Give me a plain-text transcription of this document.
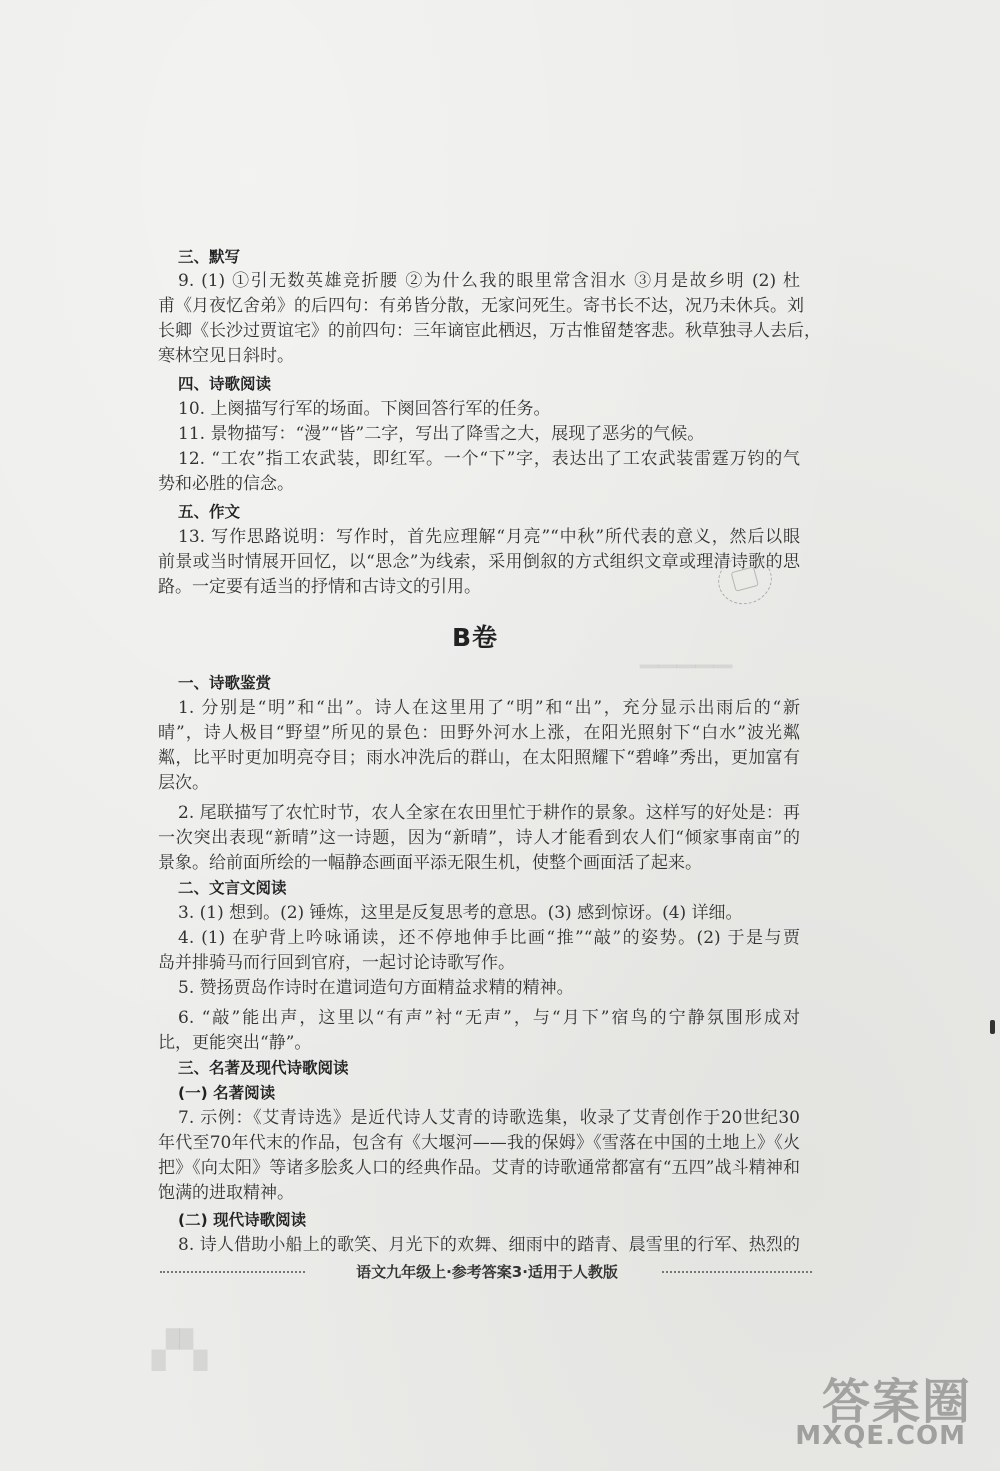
▔▔▔▔▔
三、默写
9. (1) ①引无数英雄竞折腰 ②为什么我的眼里常含泪水 ③月是故乡明 (2) 杜
甫《月夜忆舍弟》的后四句：有弟皆分散，无家问死生。寄书长不达，况乃未休兵。刘
长卿《长沙过贾谊宅》的前四句：三年谪宦此栖迟，万古惟留楚客悲。秋草独寻人去后，
寒林空见日斜时。
四、诗歌阅读
10. 上阕描写行军的场面。下阕回答行军的任务。
11. 景物描写：“漫”“皆”二字，写出了降雪之大，展现了恶劣的气候。
12. “工农”指工农武装，即红军。一个“下”字，表达出了工农武装雷霆万钧的气
势和必胜的信念。
五、作文
13. 写作思路说明：写作时，首先应理解“月亮”“中秋”所代表的意义，然后以眼
前景或当时情展开回忆，以“思念”为线索，采用倒叙的方式组织文章或理清诗歌的思
路。一定要有适当的抒情和古诗文的引用。
B卷
一、诗歌鉴赏
1. 分别是“明”和“出”。诗人在这里用了“明”和“出”，充分显示出雨后的“新
晴”，诗人极目“野望”所见的景色：田野外河水上涨，在阳光照射下“白水”波光粼
粼，比平时更加明亮夺目；雨水冲洗后的群山，在太阳照耀下“碧峰”秀出，更加富有
层次。
2. 尾联描写了农忙时节，农人全家在农田里忙于耕作的景象。这样写的好处是：再
一次突出表现“新晴”这一诗题，因为“新晴”，诗人才能看到农人们“倾家事南亩”的
景象。给前面所绘的一幅静态画面平添无限生机，使整个画面活了起来。
二、文言文阅读
3. (1) 想到。(2) 锤炼，这里是反复思考的意思。(3) 感到惊讶。(4) 详细。
4. (1) 在驴背上吟咏诵读，还不停地伸手比画“推”“敲”的姿势。(2) 于是与贾
岛并排骑马而行回到官府，一起讨论诗歌写作。
5. 赞扬贾岛作诗时在遣词造句方面精益求精的精神。
6. “敲”能出声，这里以“有声”衬“无声”，与“月下”宿鸟的宁静氛围形成对
比，更能突出“静”。
三、名著及现代诗歌阅读
(一) 名著阅读
7. 示例：《艾青诗选》是近代诗人艾青的诗歌选集，收录了艾青创作于20世纪30
年代至70年代末的作品，包含有《大堰河——我的保姆》《雪落在中国的土地上》《火
把》《向太阳》等诸多脍炙人口的经典作品。艾青的诗歌通常都富有“五四”战斗精神和
饱满的进取精神。
(二) 现代诗歌阅读
8. 诗人借助小船上的歌笑、月光下的欢舞、细雨中的踏青、晨雪里的行军、热烈的
语文九年级上·参考答案3·适用于人教版
▞▚
答案圈
MXQE.COM
